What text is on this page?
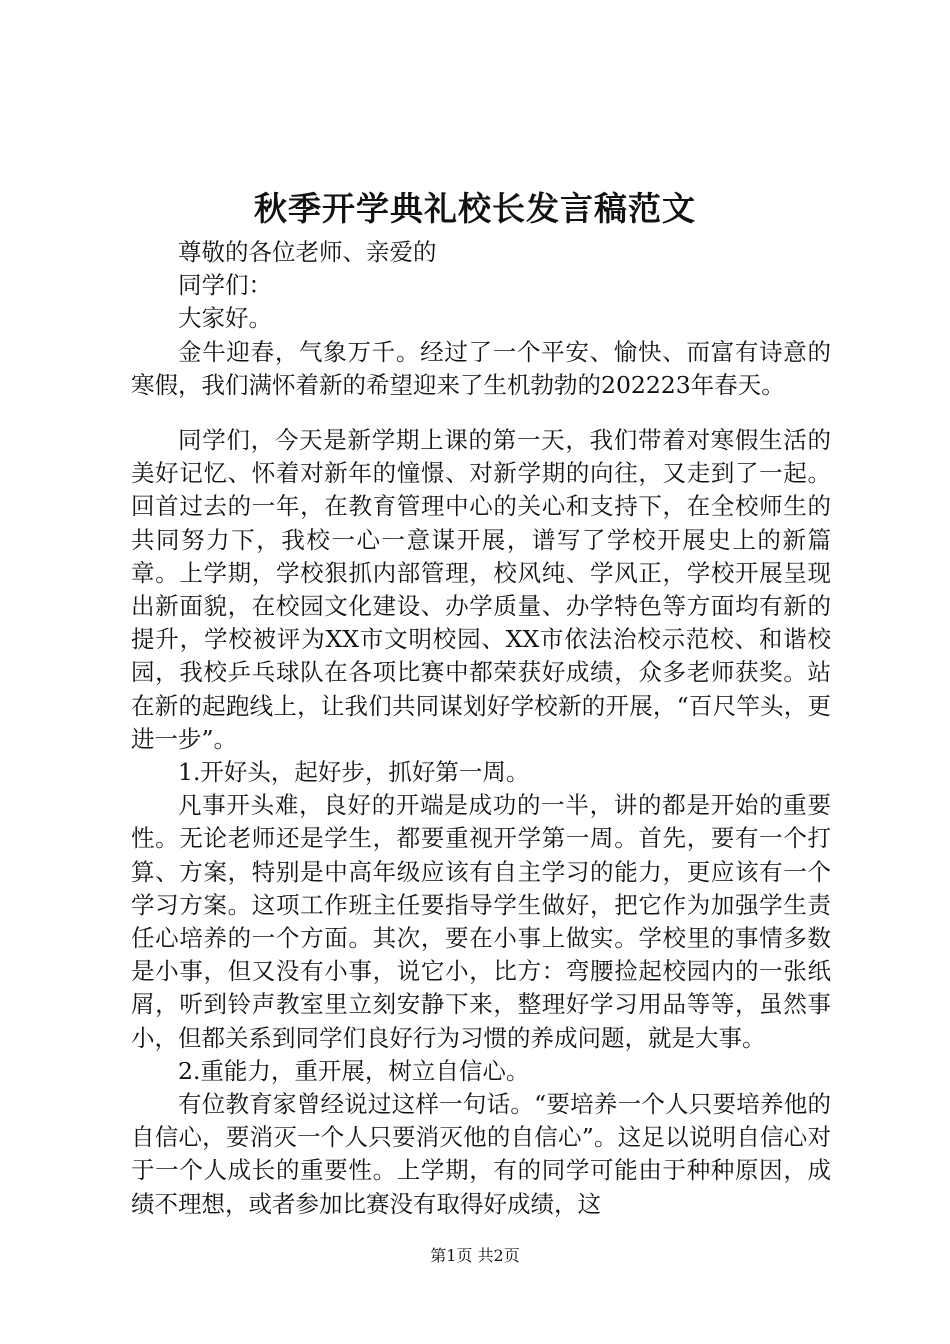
秋季开学典礼校长发言稿范文

尊敬的各位老师、亲爱的

同学们：

大家好。

金牛迎春，气象万千。经过了一个平安、愉快、而富有诗意的寒假，我们满怀着新的希望迎来了生机勃勃的202223年春天。

同学们，今天是新学期上课的第一天，我们带着对寒假生活的美好记忆、怀着对新年的憧憬、对新学期的向往，又走到了一起。回首过去的一年，在教育管理中心的关心和支持下，在全校师生的共同努力下，我校一心一意谋开展，谱写了学校开展史上的新篇章。上学期，学校狠抓内部管理，校风纯、学风正，学校开展呈现出新面貌，在校园文化建设、办学质量、办学特色等方面均有新的提升，学校被评为XX市文明校园、XX市依法治校示范校、和谐校园，我校乒乓球队在各项比赛中都荣获好成绩，众多老师获奖。站在新的起跑线上，让我们共同谋划好学校新的开展，“百尺竿头，更进一步”。

1.开好头，起好步，抓好第一周。

凡事开头难，良好的开端是成功的一半，讲的都是开始的重要性。无论老师还是学生，都要重视开学第一周。首先，要有一个打算、方案，特别是中高年级应该有自主学习的能力，更应该有一个学习方案。这项工作班主任要指导学生做好，把它作为加强学生责任心培养的一个方面。其次，要在小事上做实。学校里的事情多数是小事，但又没有小事，说它小，比方：弯腰捡起校园内的一张纸屑，听到铃声教室里立刻安静下来，整理好学习用品等等，虽然事小，但都关系到同学们良好行为习惯的养成问题，就是大事。

2.重能力，重开展，树立自信心。

有位教育家曾经说过这样一句话。“要培养一个人只要培养他的自信心，要消灭一个人只要消灭他的自信心”。这足以说明自信心对于一个人成长的重要性。上学期，有的同学可能由于种种原因，成绩不理想，或者参加比赛没有取得好成绩，这

第1页 共2页
